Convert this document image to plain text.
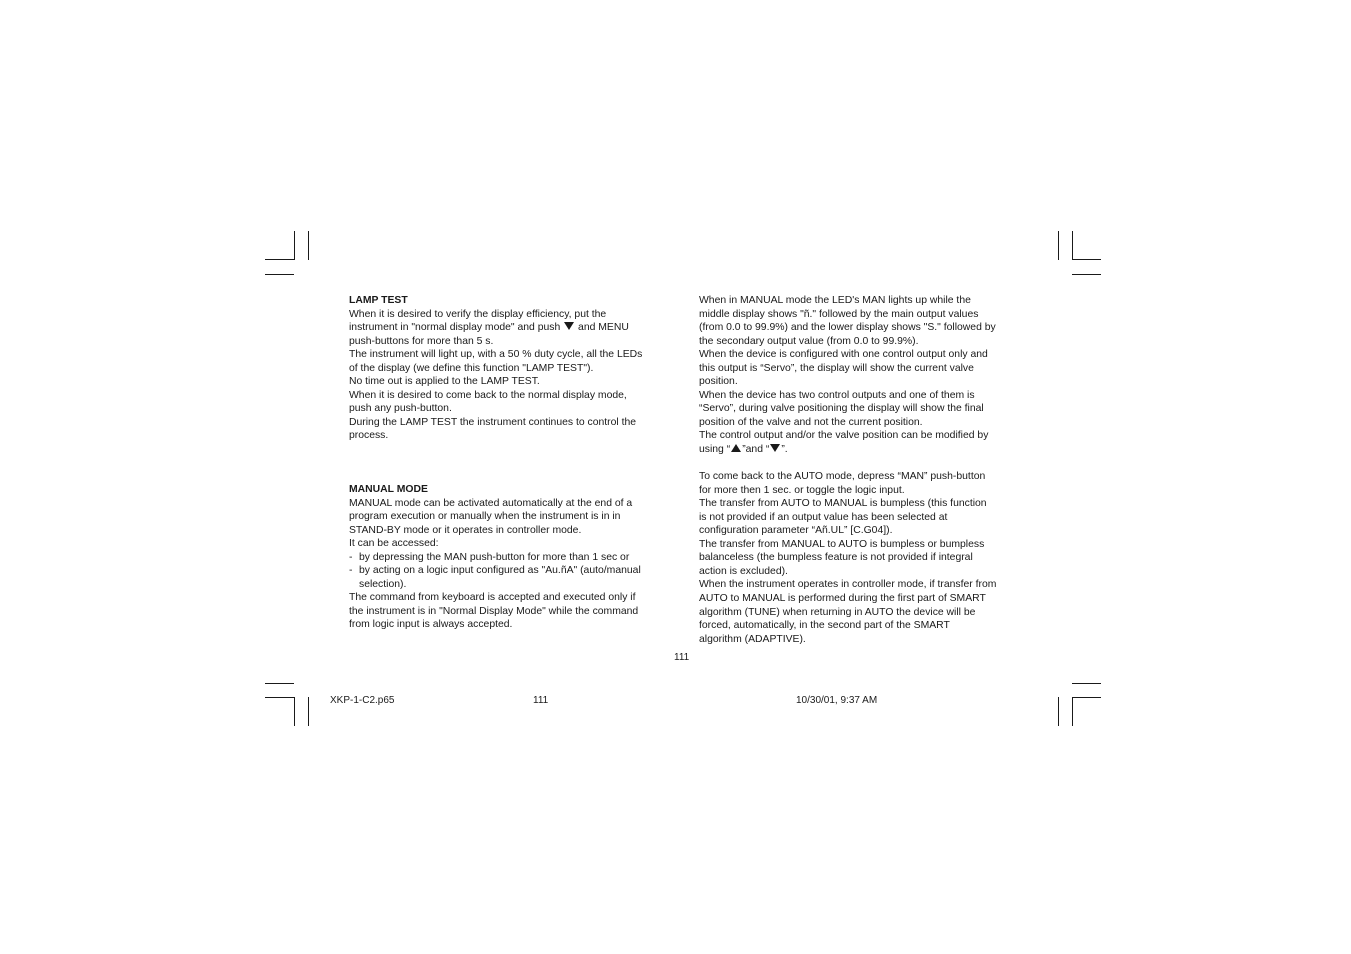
LAMP TEST

When it is desired to verify the display efficiency, put the

instrument in "normal display mode" and push and MENU

push-buttons for more than 5 s.

The instrument will light up, with a 50 % duty cycle, all the LEDs

of the display (we define this function "LAMP TEST").

No time out is applied to the LAMP TEST.

When it is desired to come back to the normal display mode,

push any push-button.

During the LAMP TEST the instrument continues to control the

process.

MANUAL MODE

MANUAL mode can be activated automatically at the end of a

program execution or manually when the instrument is in in

STAND-BY mode or it operates in controller mode.

It can be accessed:

- by depressing the MAN push-button for more than 1 sec or

- by acting on a logic input configured as "Au.ñA" (auto/manual

selection).

The command from keyboard is accepted and executed only if

the instrument is in "Normal Display Mode" while the command

from logic input is always accepted.

When in MANUAL mode the LED's MAN lights up while the

middle display shows "ñ." followed by the main output values

(from 0.0 to 99.9%) and the lower display shows "S." followed by

the secondary output value (from 0.0 to 99.9%).

When the device is configured with one control output only and

this output is “Servo”, the display will show the current valve

position.

When the device has two control outputs and one of them is

“Servo”, during valve positioning the display will show the final

position of the valve and not the current position.

The control output and/or the valve position can be modified by

using “ ”and “ ”.

To come back to the AUTO mode, depress “MAN” push-button

for more then 1 sec. or toggle the logic input.

The transfer from AUTO to MANUAL is bumpless (this function

is not provided if an output value has been selected at

configuration parameter “Añ.UL” [C.G04]).

The transfer from MANUAL to AUTO is bumpless or bumpless

balanceless (the bumpless feature is not provided if integral

action is excluded).

When the instrument operates in controller mode, if transfer from

AUTO to MANUAL is performed during the first part of SMART

algorithm (TUNE) when returning in AUTO the device will be

forced, automatically, in the second part of the SMART

algorithm (ADAPTIVE).

111
XKP-1-C2.p65	111	10/30/01, 9:37 AM
